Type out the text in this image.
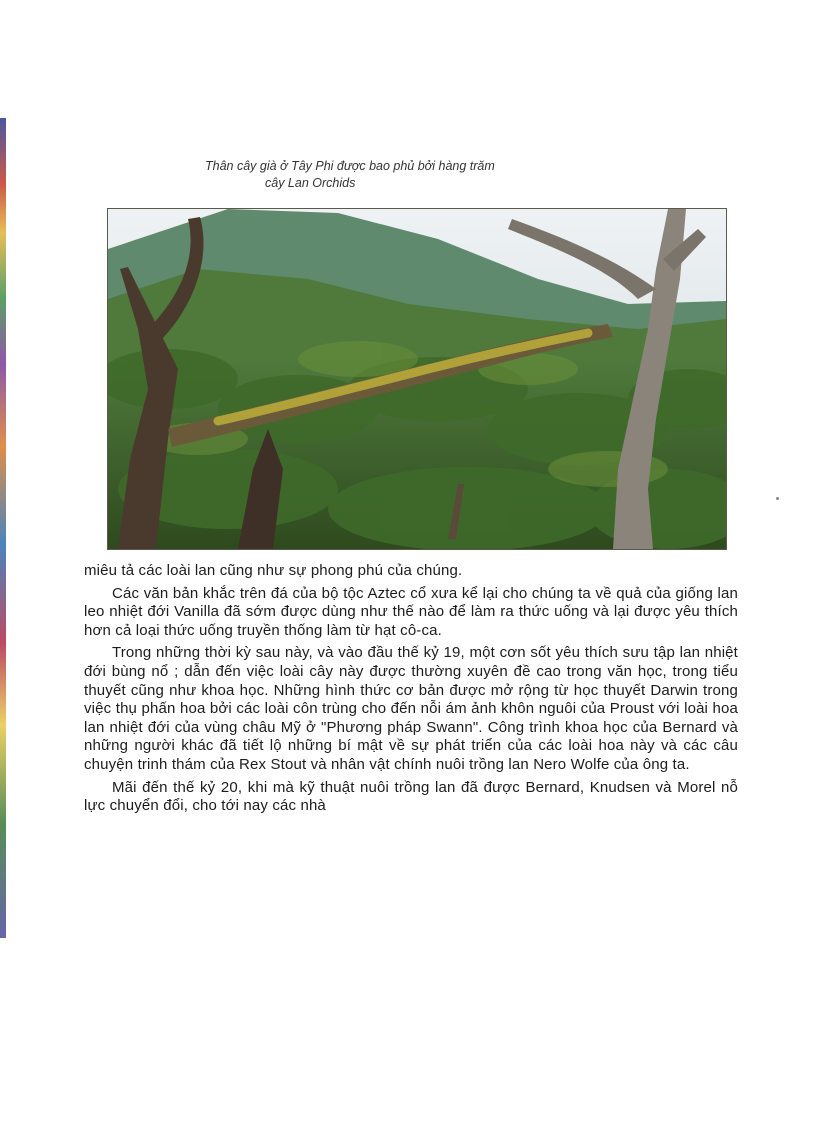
Thân cây già ở Tây Phi được bao phủ bởi hàng trăm
cây Lan Orchids

miêu tả các loài lan cũng như sự phong phú của chúng.

Các văn bản khắc trên đá của bộ tộc Aztec cổ xưa kể lại cho chúng ta về quả của giống lan leo nhiệt đới Vanilla đã sớm được dùng như thế nào để làm ra thức uống và lại được yêu thích hơn cả loại thức uống truyền thống làm từ hạt cô-ca.

Trong những thời kỳ sau này, và vào đầu thế kỷ 19, một cơn sốt yêu thích sưu tập lan nhiệt đới bùng nổ ; dẫn đến việc loài cây này được thường xuyên đề cao trong văn học, trong tiểu thuyết cũng như khoa học. Những hình thức cơ bản được mở rộng từ học thuyết Darwin trong việc thụ phấn hoa bởi các loài côn trùng cho đến nỗi ám ảnh khôn nguôi của Proust với loài hoa lan nhiệt đới của vùng châu Mỹ ở "Phương pháp Swann". Công trình khoa học của Bernard và những người khác đã tiết lộ những bí mật về sự phát triển của các loài hoa này và các câu chuyện trinh thám của Rex Stout và nhân vật chính nuôi trồng lan Nero Wolfe của ông ta.

Mãi đến thế kỷ 20, khi mà kỹ thuật nuôi trồng lan đã được Bernard, Knudsen và Morel nỗ lực chuyển đổi, cho tới nay các nhà
